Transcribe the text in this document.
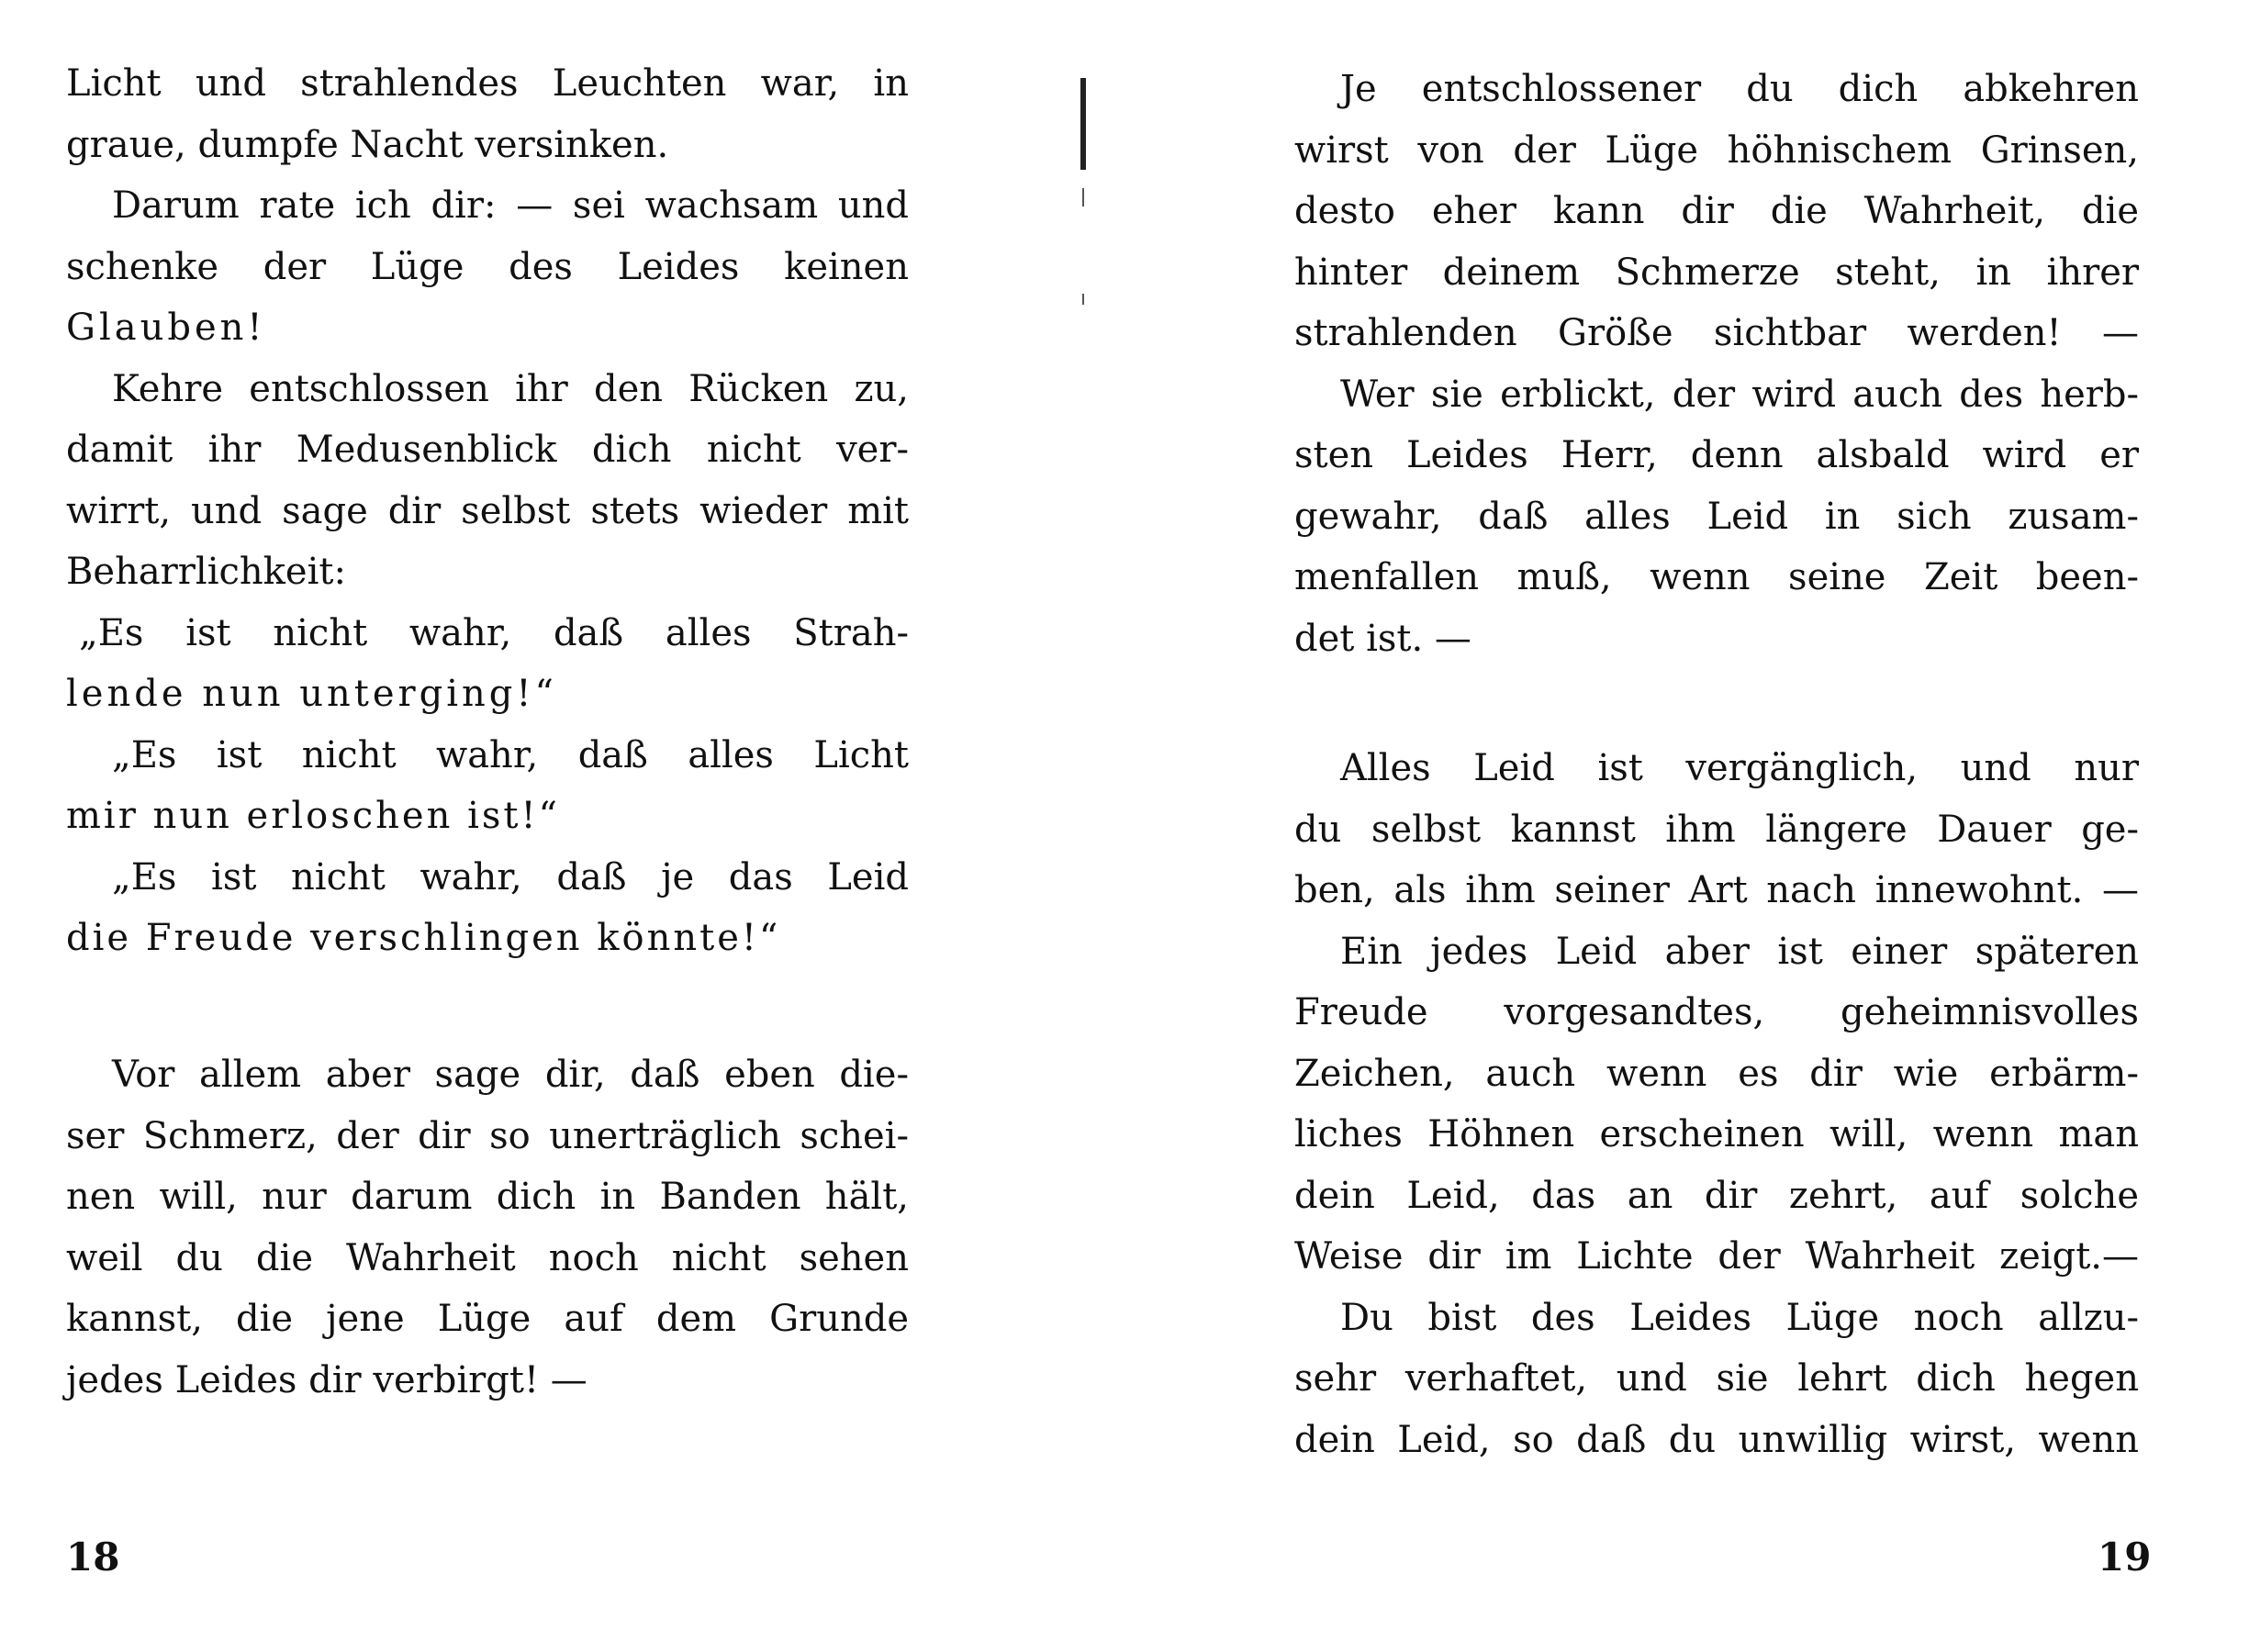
Licht und strahlendes Leuchten war, in
graue, dumpfe Nacht versinken.
Darum rate ich dir: — sei wachsam und
schenke der Lüge des Leides keinen
Glauben!
Kehre entschlossen ihr den Rücken zu,
damit ihr Medusenblick dich nicht ver-
wirrt, und sage dir selbst stets wieder mit
Beharrlichkeit:
„Es ist nicht wahr, daß alles Strah-
lende nun unterging!“
„Es ist nicht wahr, daß alles Licht
mir nun erloschen ist!“
„Es ist nicht wahr, daß je das Leid
die Freude verschlingen könnte!“
Vor allem aber sage dir, daß eben die-
ser Schmerz, der dir so unerträglich schei-
nen will, nur darum dich in Banden hält,
weil du die Wahrheit noch nicht sehen
kannst, die jene Lüge auf dem Grunde
jedes Leides dir verbirgt! —
18
Je entschlossener du dich abkehren
wirst von der Lüge höhnischem Grinsen,
desto eher kann dir die Wahrheit, die
hinter deinem Schmerze steht, in ihrer
strahlenden Größe sichtbar werden! —
Wer sie erblickt, der wird auch des herb-
sten Leides Herr, denn alsbald wird er
gewahr, daß alles Leid in sich zusam-
menfallen muß, wenn seine Zeit been-
det ist. —
Alles Leid ist vergänglich, und nur
du selbst kannst ihm längere Dauer ge-
ben, als ihm seiner Art nach innewohnt. —
Ein jedes Leid aber ist einer späteren
Freude vorgesandtes, geheimnisvolles
Zeichen, auch wenn es dir wie erbärm-
liches Höhnen erscheinen will, wenn man
dein Leid, das an dir zehrt, auf solche
Weise dir im Lichte der Wahrheit zeigt.—
Du bist des Leides Lüge noch allzu-
sehr verhaftet, und sie lehrt dich hegen
dein Leid, so daß du unwillig wirst, wenn
19
